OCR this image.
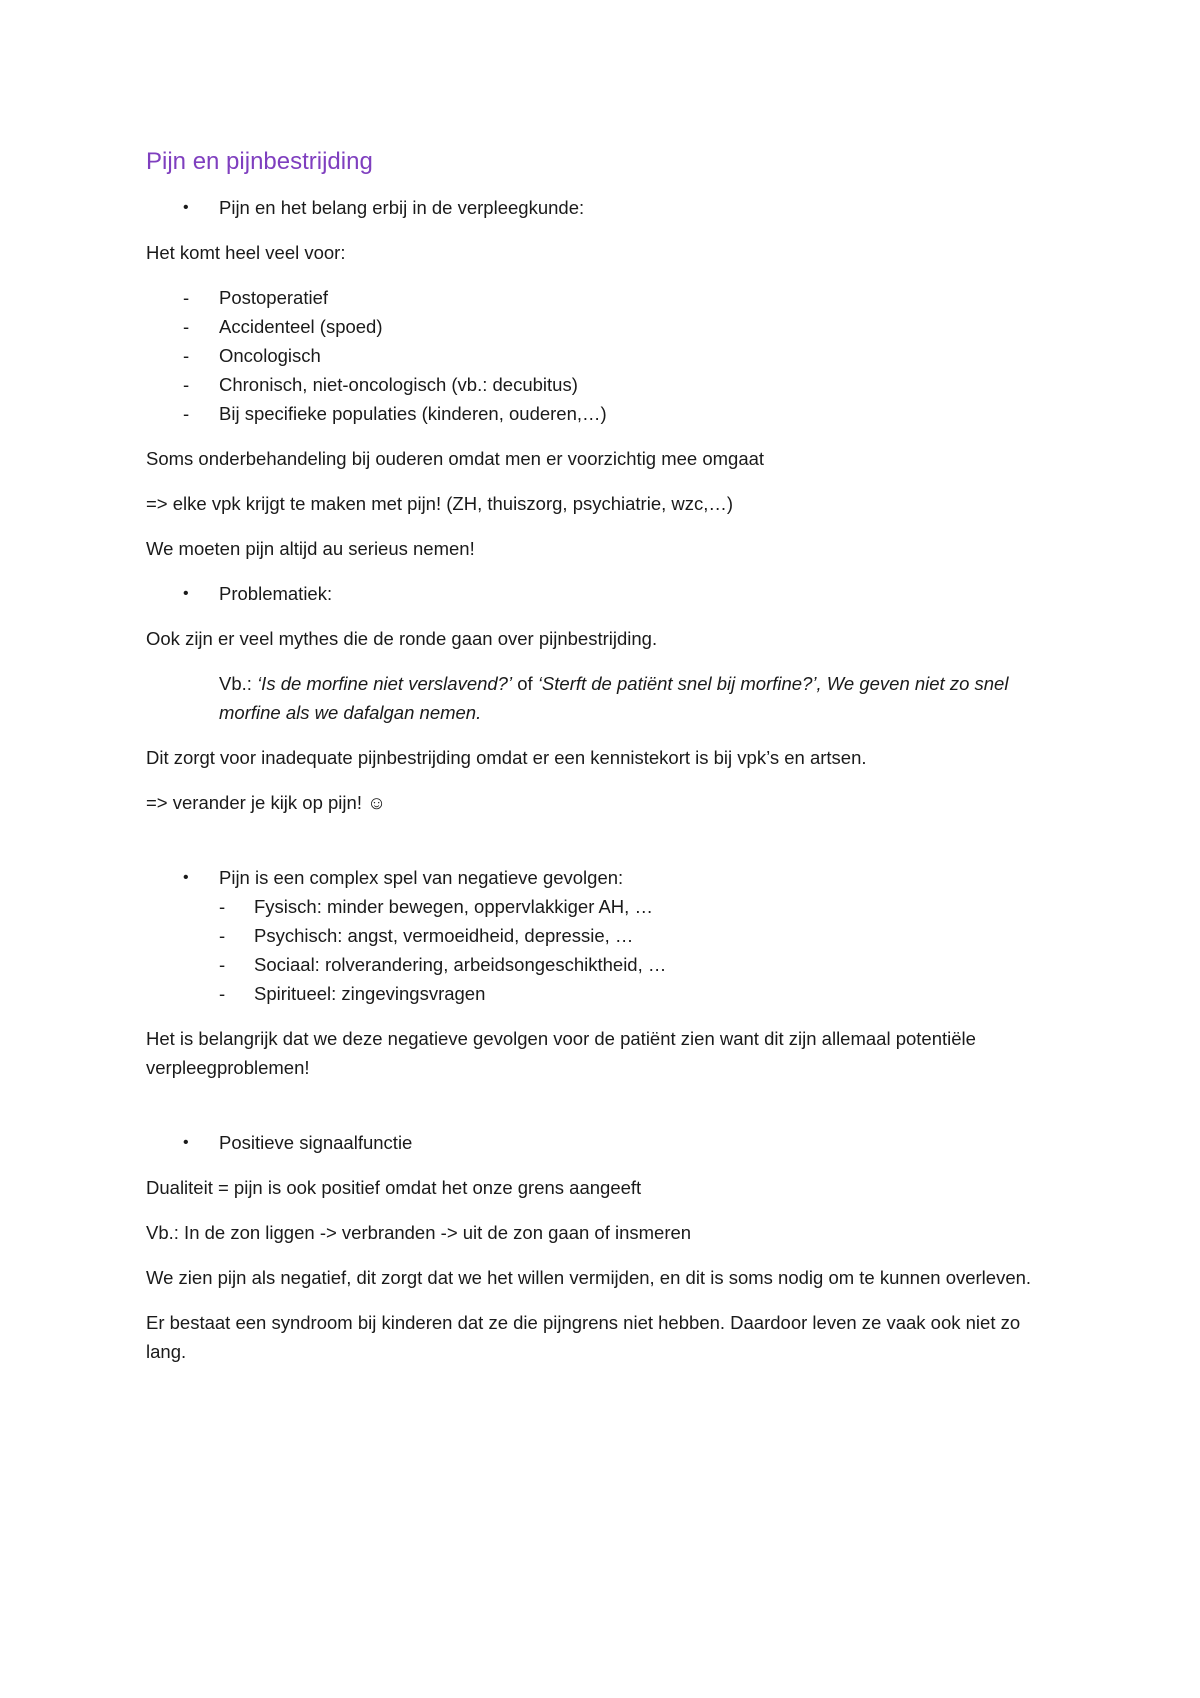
Pijn en pijnbestrijding
• Pijn en het belang erbij in de verpleegkunde:

Het komt heel veel voor:

- Postoperatief
- Accidenteel (spoed)
- Oncologisch
- Chronisch, niet-oncologisch (vb.: decubitus)
- Bij specifieke populaties (kinderen, ouderen,…)

Soms onderbehandeling bij ouderen omdat men er voorzichtig mee omgaat

=> elke vpk krijgt te maken met pijn! (ZH, thuiszorg, psychiatrie, wzc,…)

We moeten pijn altijd au serieus nemen!

• Problematiek:

Ook zijn er veel mythes die de ronde gaan over pijnbestrijding.

Vb.: ‘Is de morfine niet verslavend?’ of ‘Sterft de patiënt snel bij morfine?’, We geven niet zo snel morfine als we dafalgan nemen.

Dit zorgt voor inadequate pijnbestrijding omdat er een kennistekort is bij vpk’s en artsen.

=> verander je kijk op pijn! ☺

• Pijn is een complex spel van negatieve gevolgen:
- Fysisch: minder bewegen, oppervlakkiger AH, …
- Psychisch: angst, vermoeidheid, depressie, …
- Sociaal: rolverandering, arbeidsongeschiktheid, …
- Spiritueel: zingevingsvragen

Het is belangrijk dat we deze negatieve gevolgen voor de patiënt zien want dit zijn allemaal potentiële verpleegproblemen!

• Positieve signaalfunctie

Dualiteit = pijn is ook positief omdat het onze grens aangeeft

Vb.: In de zon liggen -> verbranden -> uit de zon gaan of insmeren

We zien pijn als negatief, dit zorgt dat we het willen vermijden, en dit is soms nodig om te kunnen overleven.

Er bestaat een syndroom bij kinderen dat ze die pijngrens niet hebben. Daardoor leven ze vaak ook niet zo lang.
